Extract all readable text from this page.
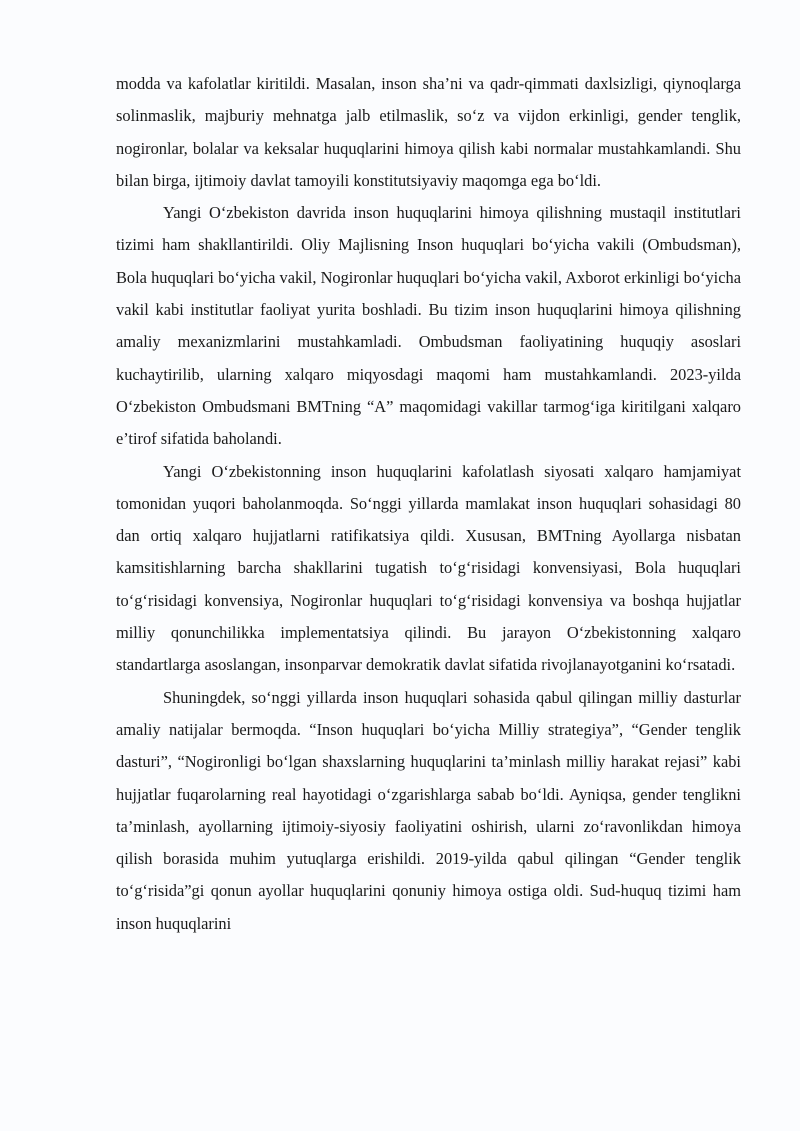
modda va kafolatlar kiritildi. Masalan, inson sha’ni va qadr-qimmati daxlsizligi, qiynoqlarga solinmaslik, majburiy mehnatga jalb etilmaslik, so‘z va vijdon erkinligi, gender tenglik, nogironlar, bolalar va keksalar huquqlarini himoya qilish kabi normalar mustahkamlandi. Shu bilan birga, ijtimoiy davlat tamoyili konstitutsiyaviy maqomga ega bo‘ldi.

Yangi O‘zbekiston davrida inson huquqlarini himoya qilishning mustaqil institutlari tizimi ham shakllantirildi. Oliy Majlisning Inson huquqlari bo‘yicha vakili (Ombudsman), Bola huquqlari bo‘yicha vakil, Nogironlar huquqlari bo‘yicha vakil, Axborot erkinligi bo‘yicha vakil kabi institutlar faoliyat yurita boshladi. Bu tizim inson huquqlarini himoya qilishning amaliy mexanizmlarini mustahkamladi. Ombudsman faoliyatining huquqiy asoslari kuchaytirilib, ularning xalqaro miqyosdagi maqomi ham mustahkamlandi. 2023-yilda O‘zbekiston Ombudsmani BMTning “A” maqomidagi vakillar tarmog‘iga kiritilgani xalqaro e’tirof sifatida baholandi.

Yangi O‘zbekistonning inson huquqlarini kafolatlash siyosati xalqaro hamjamiyat tomonidan yuqori baholanmoqda. So‘nggi yillarda mamlakat inson huquqlari sohasidagi 80 dan ortiq xalqaro hujjatlarni ratifikatsiya qildi. Xususan, BMTning Ayollarga nisbatan kamsitishlarning barcha shakllarini tugatish to‘g‘risidagi konvensiyasi, Bola huquqlari to‘g‘risidagi konvensiya, Nogironlar huquqlari to‘g‘risidagi konvensiya va boshqa hujjatlar milliy qonunchilikka implementatsiya qilindi. Bu jarayon O‘zbekistonning xalqaro standartlarga asoslangan, insonparvar demokratik davlat sifatida rivojlanayotganini ko‘rsatadi.

Shuningdek, so‘nggi yillarda inson huquqlari sohasida qabul qilingan milliy dasturlar amaliy natijalar bermoqda. “Inson huquqlari bo‘yicha Milliy strategiya”, “Gender tenglik dasturi”, “Nogironligi bo‘lgan shaxslarning huquqlarini ta’minlash milliy harakat rejasi” kabi hujjatlar fuqarolarning real hayotidagi o‘zgarishlarga sabab bo‘ldi. Ayniqsa, gender tenglikni ta’minlash, ayollarning ijtimoiy-siyosiy faoliyatini oshirish, ularni zo‘ravonlikdan himoya qilish borasida muhim yutuqlarga erishildi. 2019-yilda qabul qilingan “Gender tenglik to‘g‘risida”gi qonun ayollar huquqlarini qonuniy himoya ostiga oldi. Sud-huquq tizimi ham inson huquqlarini
